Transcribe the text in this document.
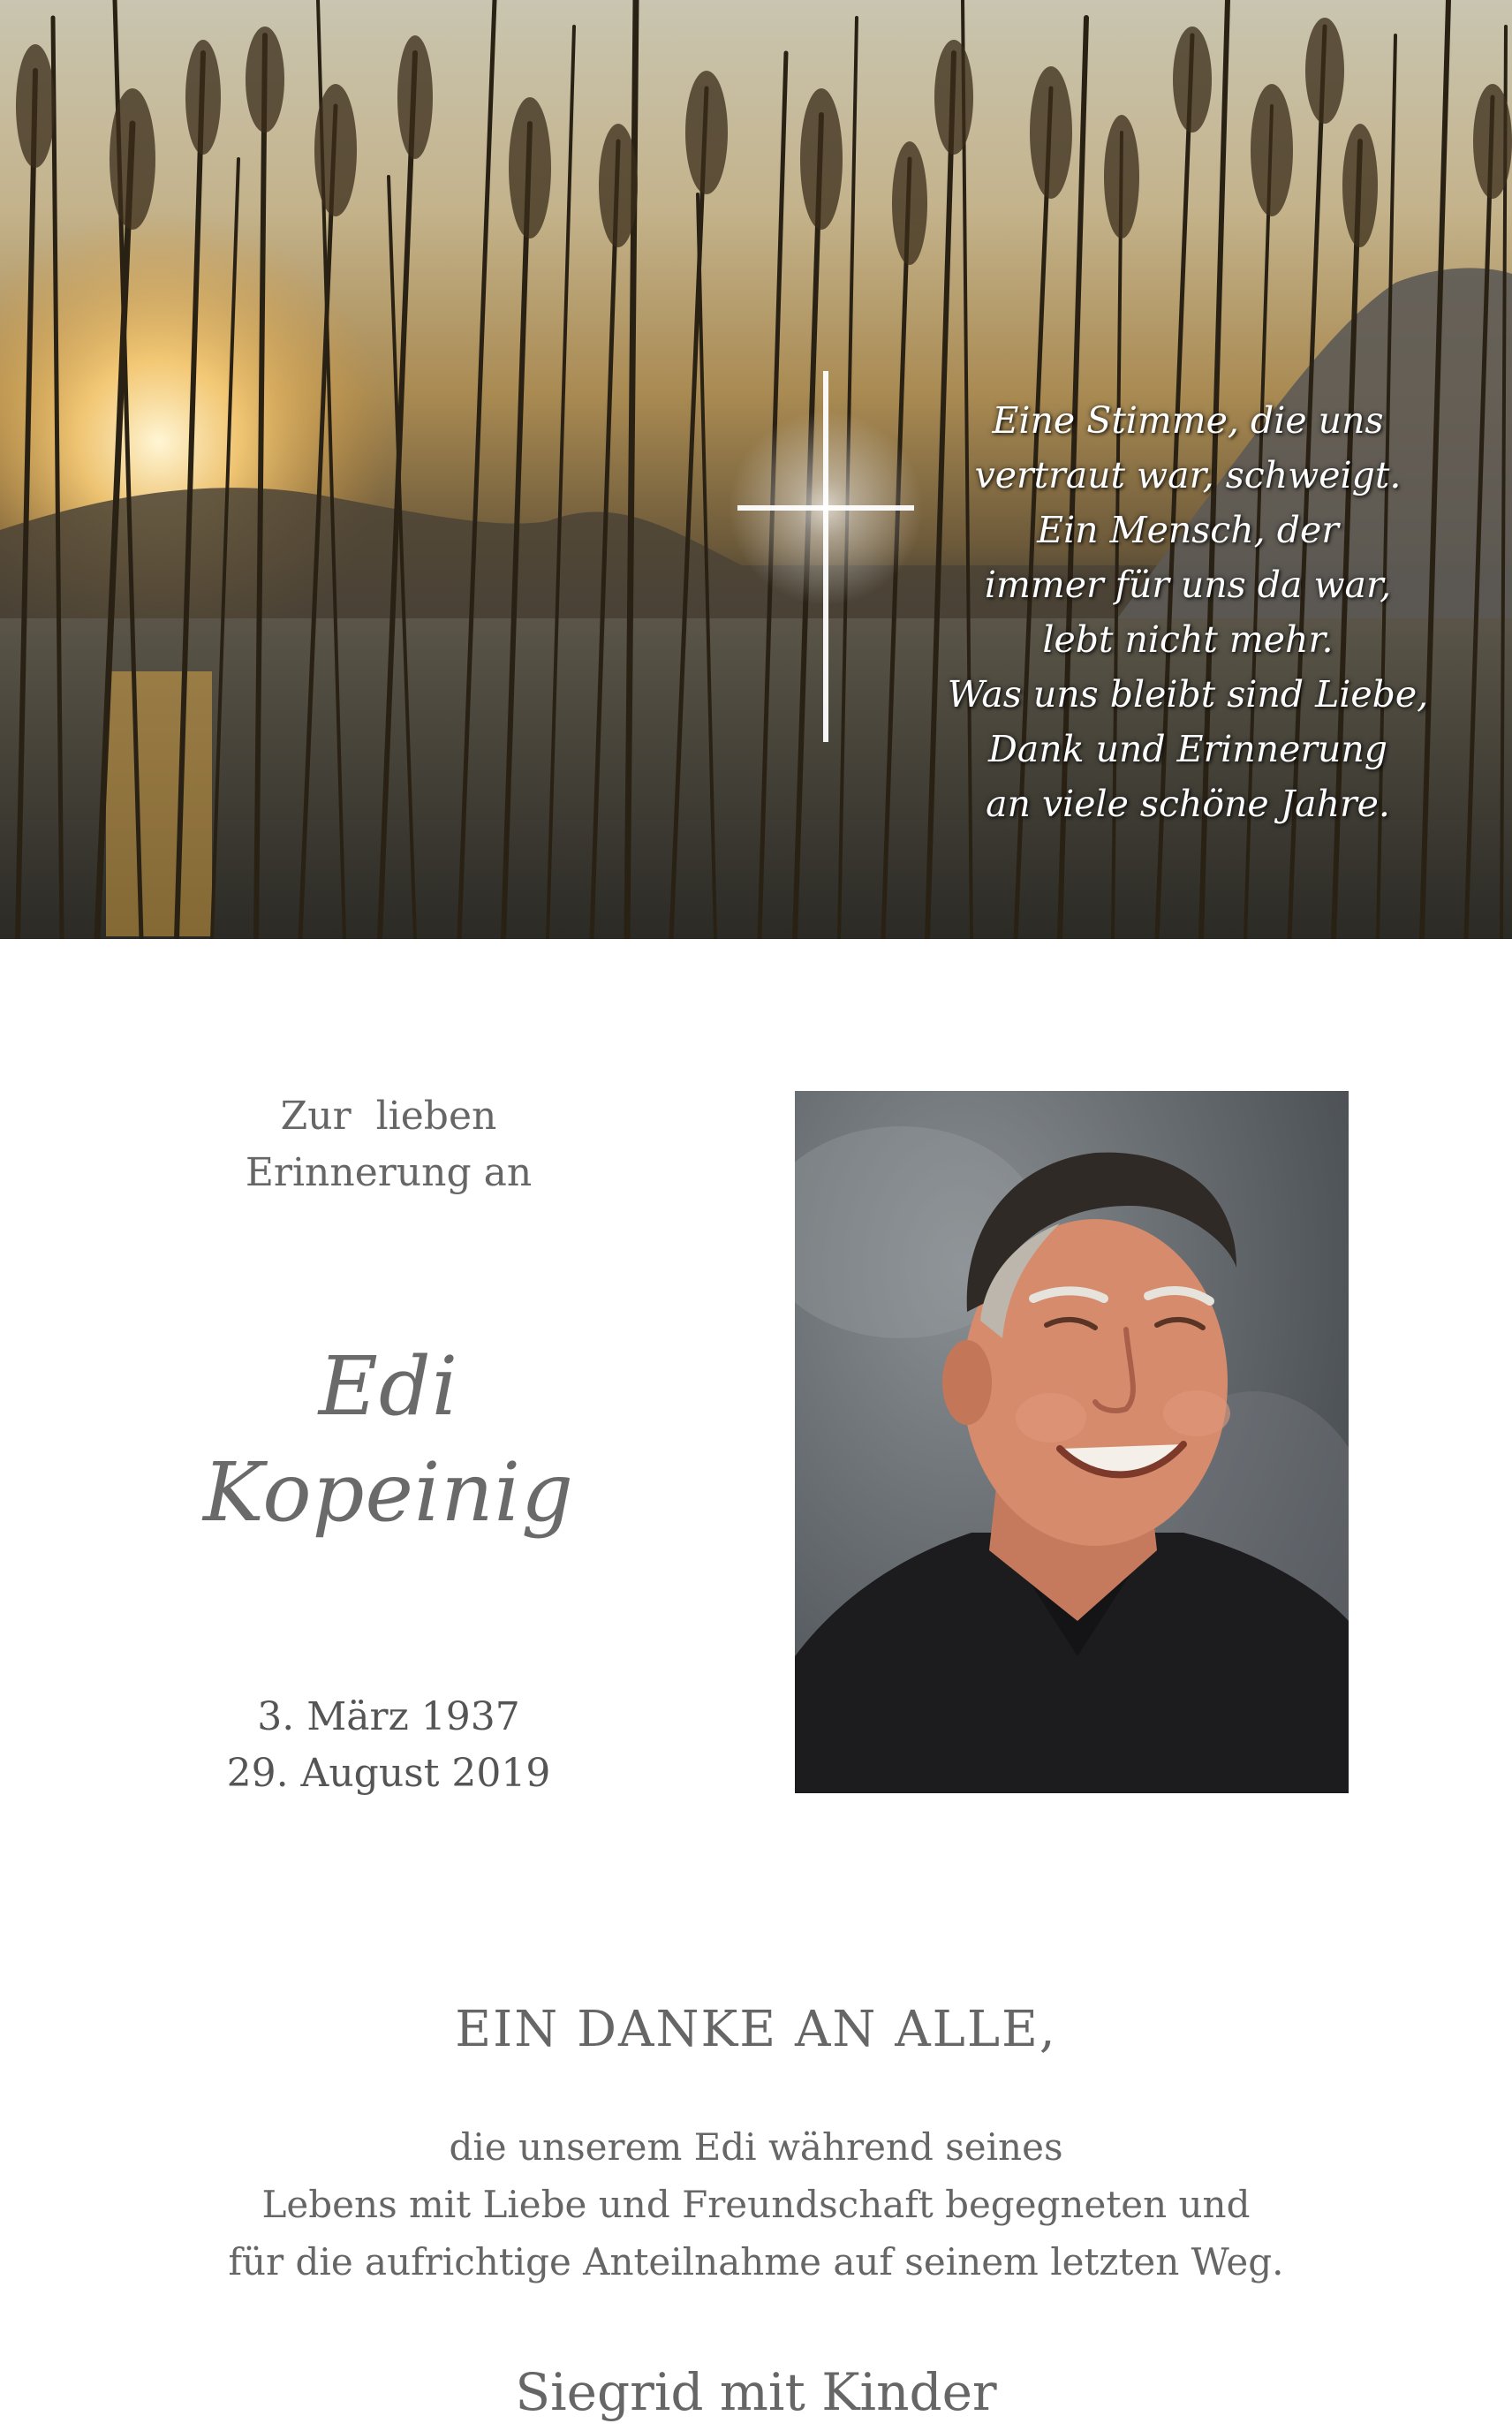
Eine Stimme, die uns
vertraut war, schweigt.
Ein Mensch, der
immer für uns da war,
lebt nicht mehr.
Was uns bleibt sind Liebe,
Dank und Erinnerung
an viele schöne Jahre.
Zur  lieben
Erinnerung an
Edi
Kopeinig
3. März 1937
29. August 2019
EIN DANKE AN ALLE,
die unserem Edi während seines
Lebens mit Liebe und Freundschaft begegneten und
für die aufrichtige Anteilnahme auf seinem letzten Weg.
Siegrid mit Kinder
